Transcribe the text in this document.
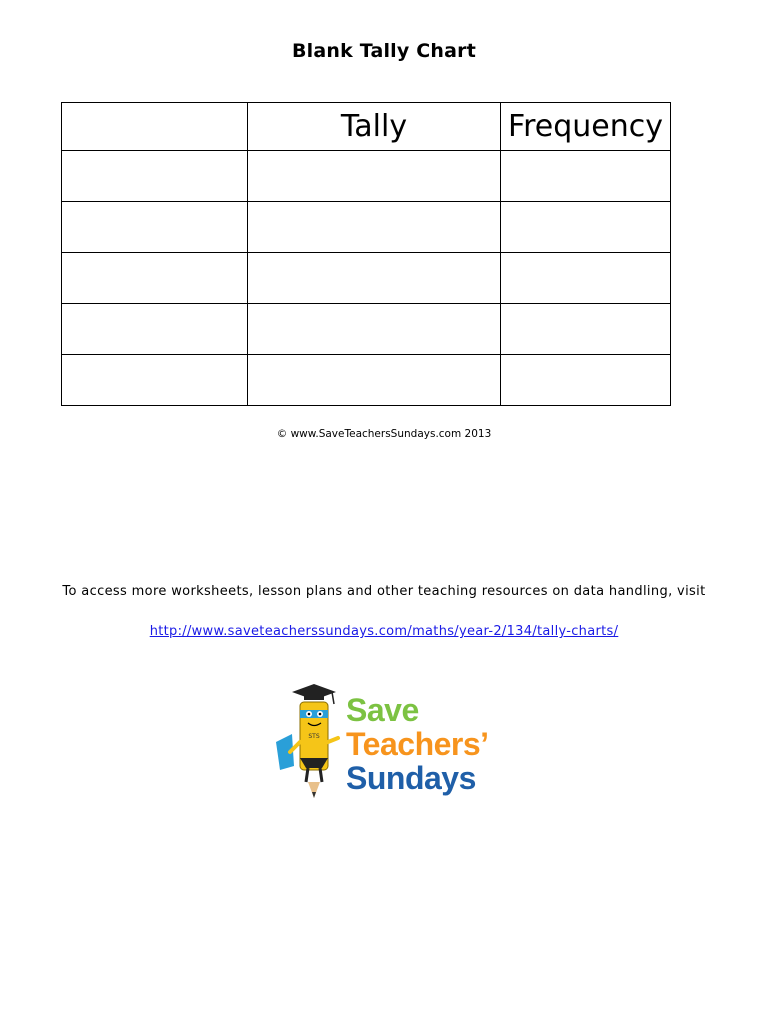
Blank Tally Chart
	Tally	Frequency

© www.SaveTeachersSundays.com 2013
To access more worksheets, lesson plans and other teaching resources on data handling, visit
http://www.saveteacherssundays.com/maths/year-2/134/tally-charts/
STS
Save
Teachers’
Sundays
